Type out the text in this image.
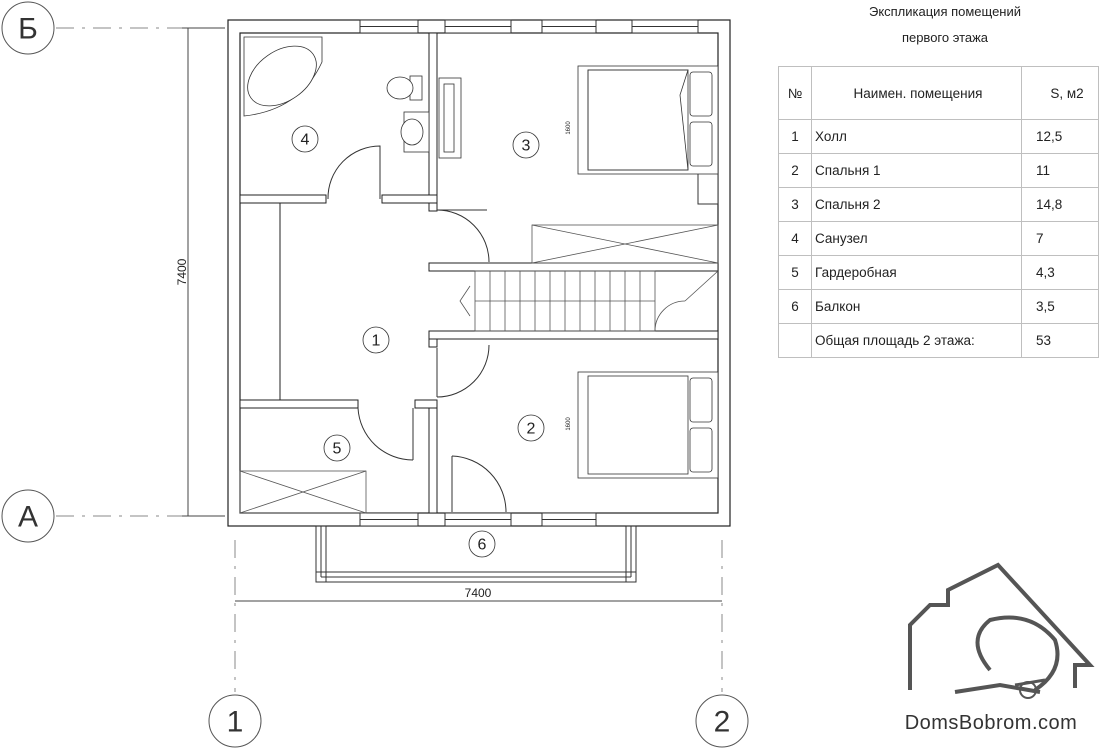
Б
А
1	2
7400
7400
1600
1600
1
2
3
4
5
6
Экспликация помещений
первого этажа
№	Наимен. помещения	S, м2
1	Холл	12,5
2	Спальня 1	11
3	Спальня 2	14,8
4	Санузел	7
5	Гардеробная	4,3
6	Балкон	3,5
	Общая площадь 2 этажа:	53
DomsBobrom.com
